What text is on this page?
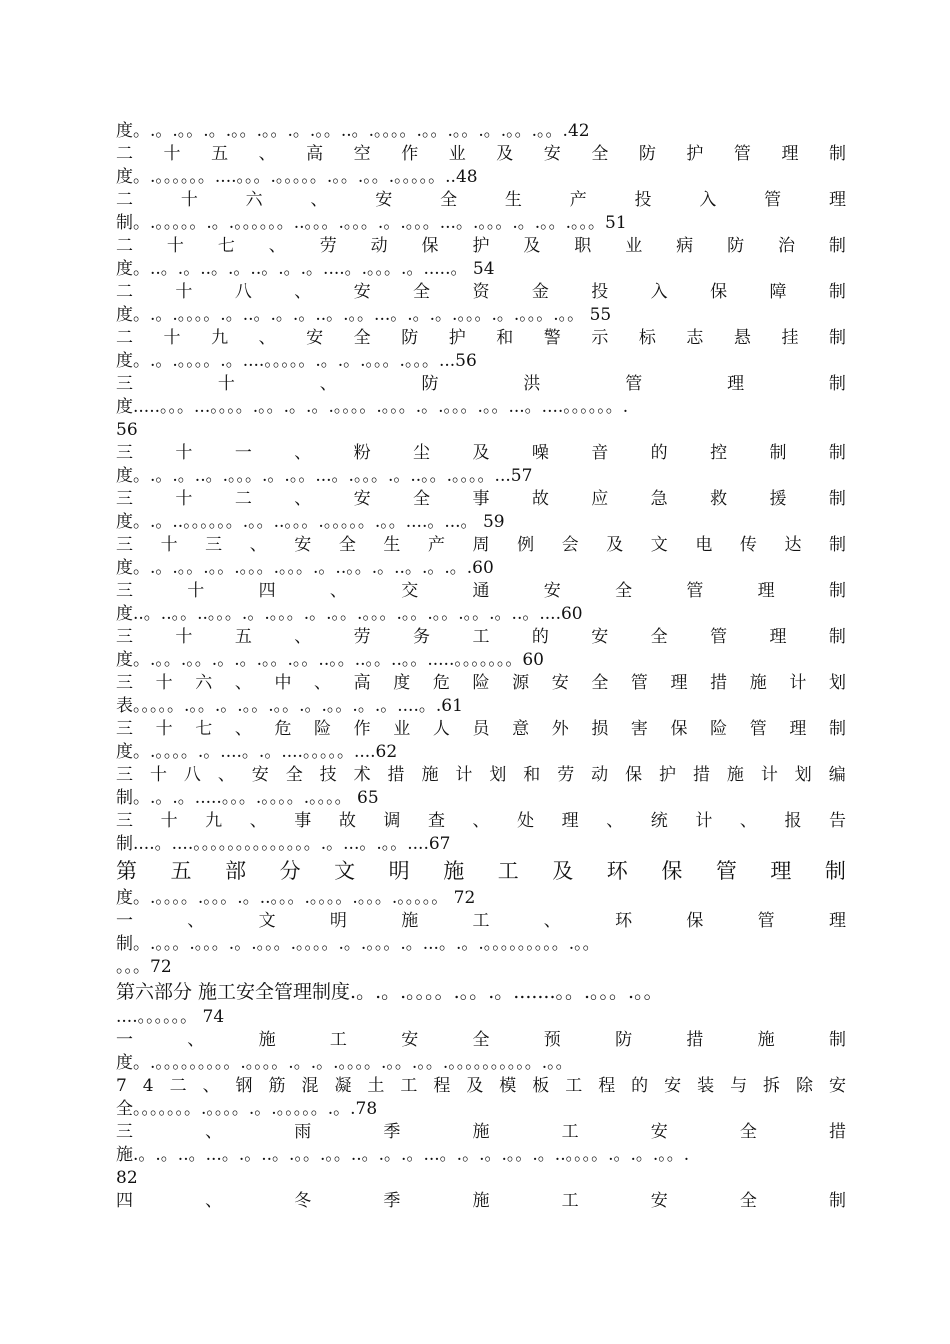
度。.。.。。.。.。。.。。.。.。。..。.。。。。.。。.。。.。.。。.。。.42
二 十 五 、 高 空 作 业 及 安 全 防 护 管 理 制
度。.。。。。。。....。。。.。。。。。.。。.。。.。。。。。..48
二	十	六	、	安	全	生	产	投	入	管	理
制。.。。。。。.。.。。。。。。..。。。.。。。.。.。。。...。.。。。.。.。。.。。。51
二 十 七 、 劳 动 保 护 及 职 业 病 防 治 制
度。..。.。..。.。..。.。.。....。.。。。.。.....。 54
二 十 八 、 安 全 资 金 投 入 保 障 制
度。.。.。。。。.。..。.。.。..。.。。...。.。.。.。。。.。.。。。.。。 55
二 十 九 、 安 全 防 护 和 警 示 标 志 悬 挂 制
度。.。.。。。。.。....。。。。。.。.。.。。。.。。。...56
三	十	、	防	洪	管	理	制
度.....。。。...。。。。.。。.。.。.。。。。.。。。.。.。。。.。。...。....。。。。。。.
56
三 十 一 、 粉 尘 及 噪 音 的 控 制 制
度。.。.。..。.。。。.。.。。...。.。。。.。..。。.。。。。...57
三 十 二 、 安 全 事 故 应 急 救 援 制
度。.。..。。。。。。.。。..。。。.。。。。。.。。....。...。 59
三 十 三 、 安 全 生 产 周 例 会 及 文 电 传 达 制
度。.。.。。.。。.。。。.。。。.。..。。.。..。.。.。.60
三	十	四	、	交	通	安	全	管	理	制
度..。..。。..。。。.。.。。。.。.。。.。。。.。。.。。.。。.。..。....60
三 十 五 、 劳 务 工 的 安 全 管 理 制
度。.。。.。。.。.。.。。.。。..。。..。。..。。.....。。。。。。。60
三 十 六 、 中 、 高 度 危 险 源 安 全 管 理 措 施 计 划
表。。。。。.。。.。.。。.。。.。.。。.。.。....。.61
三 十 七 、 危 险 作 业 人 员 意 外 损 害 保 险 管 理 制
度。.。。。。.。....。.。....。。。。。....62
三 十 八 、 安 全 技 术 措 施 计 划 和 劳 动 保 护 措 施 计 划 编
制。.。.。.....。。。.。。。。.。。。。 65
三 十 九 、 事 故 调 查 、 处 理 、 统 计 、 报 告
制....。....。。。。。。。。。。。。。。.。...。.。。....67
第 五 部 分 文 明 施 工 及 环 保 管 理 制
度。.。。。。.。。。.。..。。。.。。。。.。。。.。。。。。 72
一	、	文	明	施	工	、	环	保	管	理
制。.。。。.。。。.。.。。。.。。。。.。.。。。.。...。.。.。。。。。。。。。.。。
。。。72
第六部分 施工安全管理制度.。.。.。。。。.。。.。.......。。.。。。.。。
....。。。。。。 74
一	、	施	工	安	全	预	防	措	施	制
度。.。。。。。。。。。.。。。。.。.。.。。。。.。。.。。.。。。。。。。。。。.。。
7 4 二 、 钢 筋 混 凝 土 工 程 及 模 板 工 程 的 安 装 与 拆 除 安
全。。。。。。。.。。。。.。.。。。。。.。.78
三	、	雨	季	施	工	安	全	措
施.。.。..。...。.。..。.。。.。。..。.。.。...。.。.。.。。.。..。。。。.。.。.。。.
82
四	、	冬	季	施	工	安	全	制
